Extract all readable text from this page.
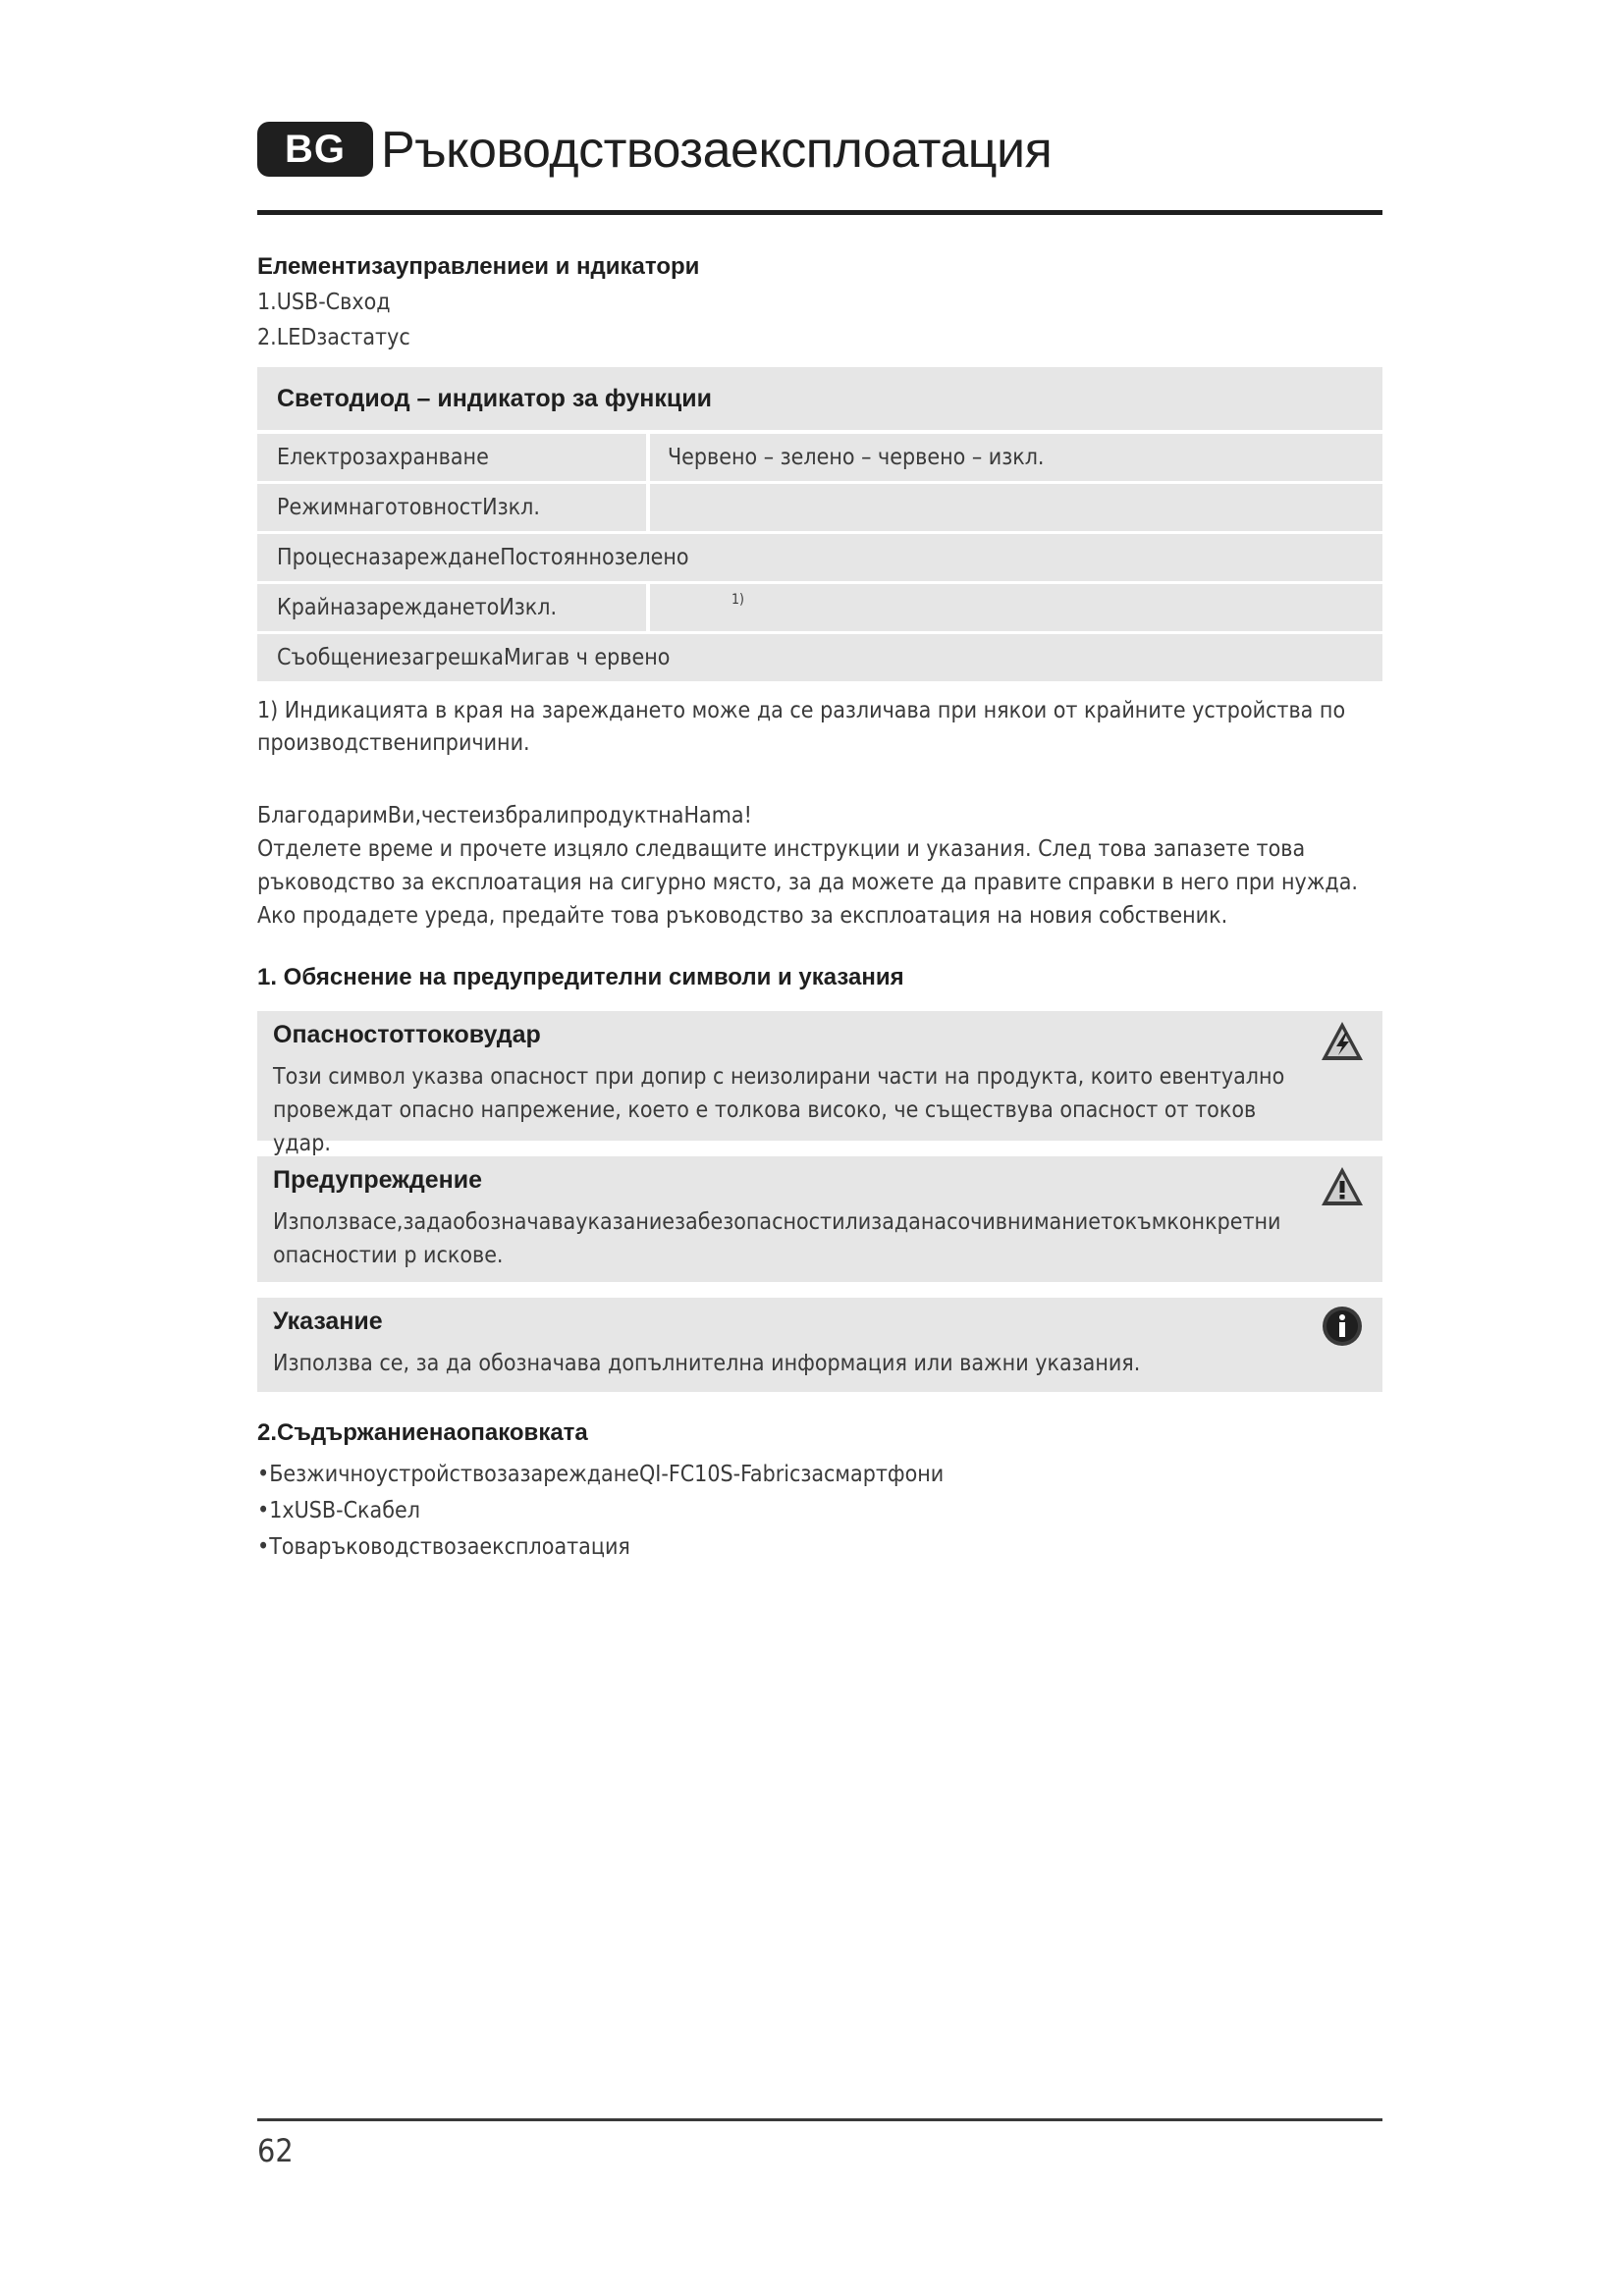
BG Ръководствозаексплоатация
Елементизауправлениеи и ндикатори
1.USB-Свход
2.LEDзастатус
Светодиод – индикатор за функции
Електрозахранване	Червено – зелено – червено – изкл.
РежимнаготовностИзкл.
ПроцесназарежданеПостояннозелено
КрайназарежданетоИзкл.	1)
СъобщениезагрешкаМигав ч ервено
1) Индикацията в края на зареждането може да се различава при някои от крайните устройства по
производственипричини.
БлагодаримВи,честеизбралипродуктнаHama!
Отделете време и прочете изцяло следващите инструкции и указания. След това запазете това
ръководство за експлоатация на сигурно място, за да можете да правите справки в него при нужда.
Ако продадете уреда, предайте това ръководство за експлоатация на новия собственик.
1. Обяснение на предупредителни символи и указания
Опасностоттоковудар
Този символ указва опасност при допир с неизолирани части на продукта, които евентуално
провеждат опасно напрежение, което е толкова високо, че съществува опасност от токов удар.
Предупреждение
Използвасе,задаобозначавауказаниезабезопасностилизаданасочивниманиетокъмконкретни
опасностии р искове.
Указание
Използва се, за да обозначава допълнителна информация или важни указания.
2.Съдържаниенаопаковката
•БезжичноустройствозазарежданеQI-FC10S-Fabricзасмартфони
•1xUSB-Скабел
•Товаръководствозаексплоатация
62
